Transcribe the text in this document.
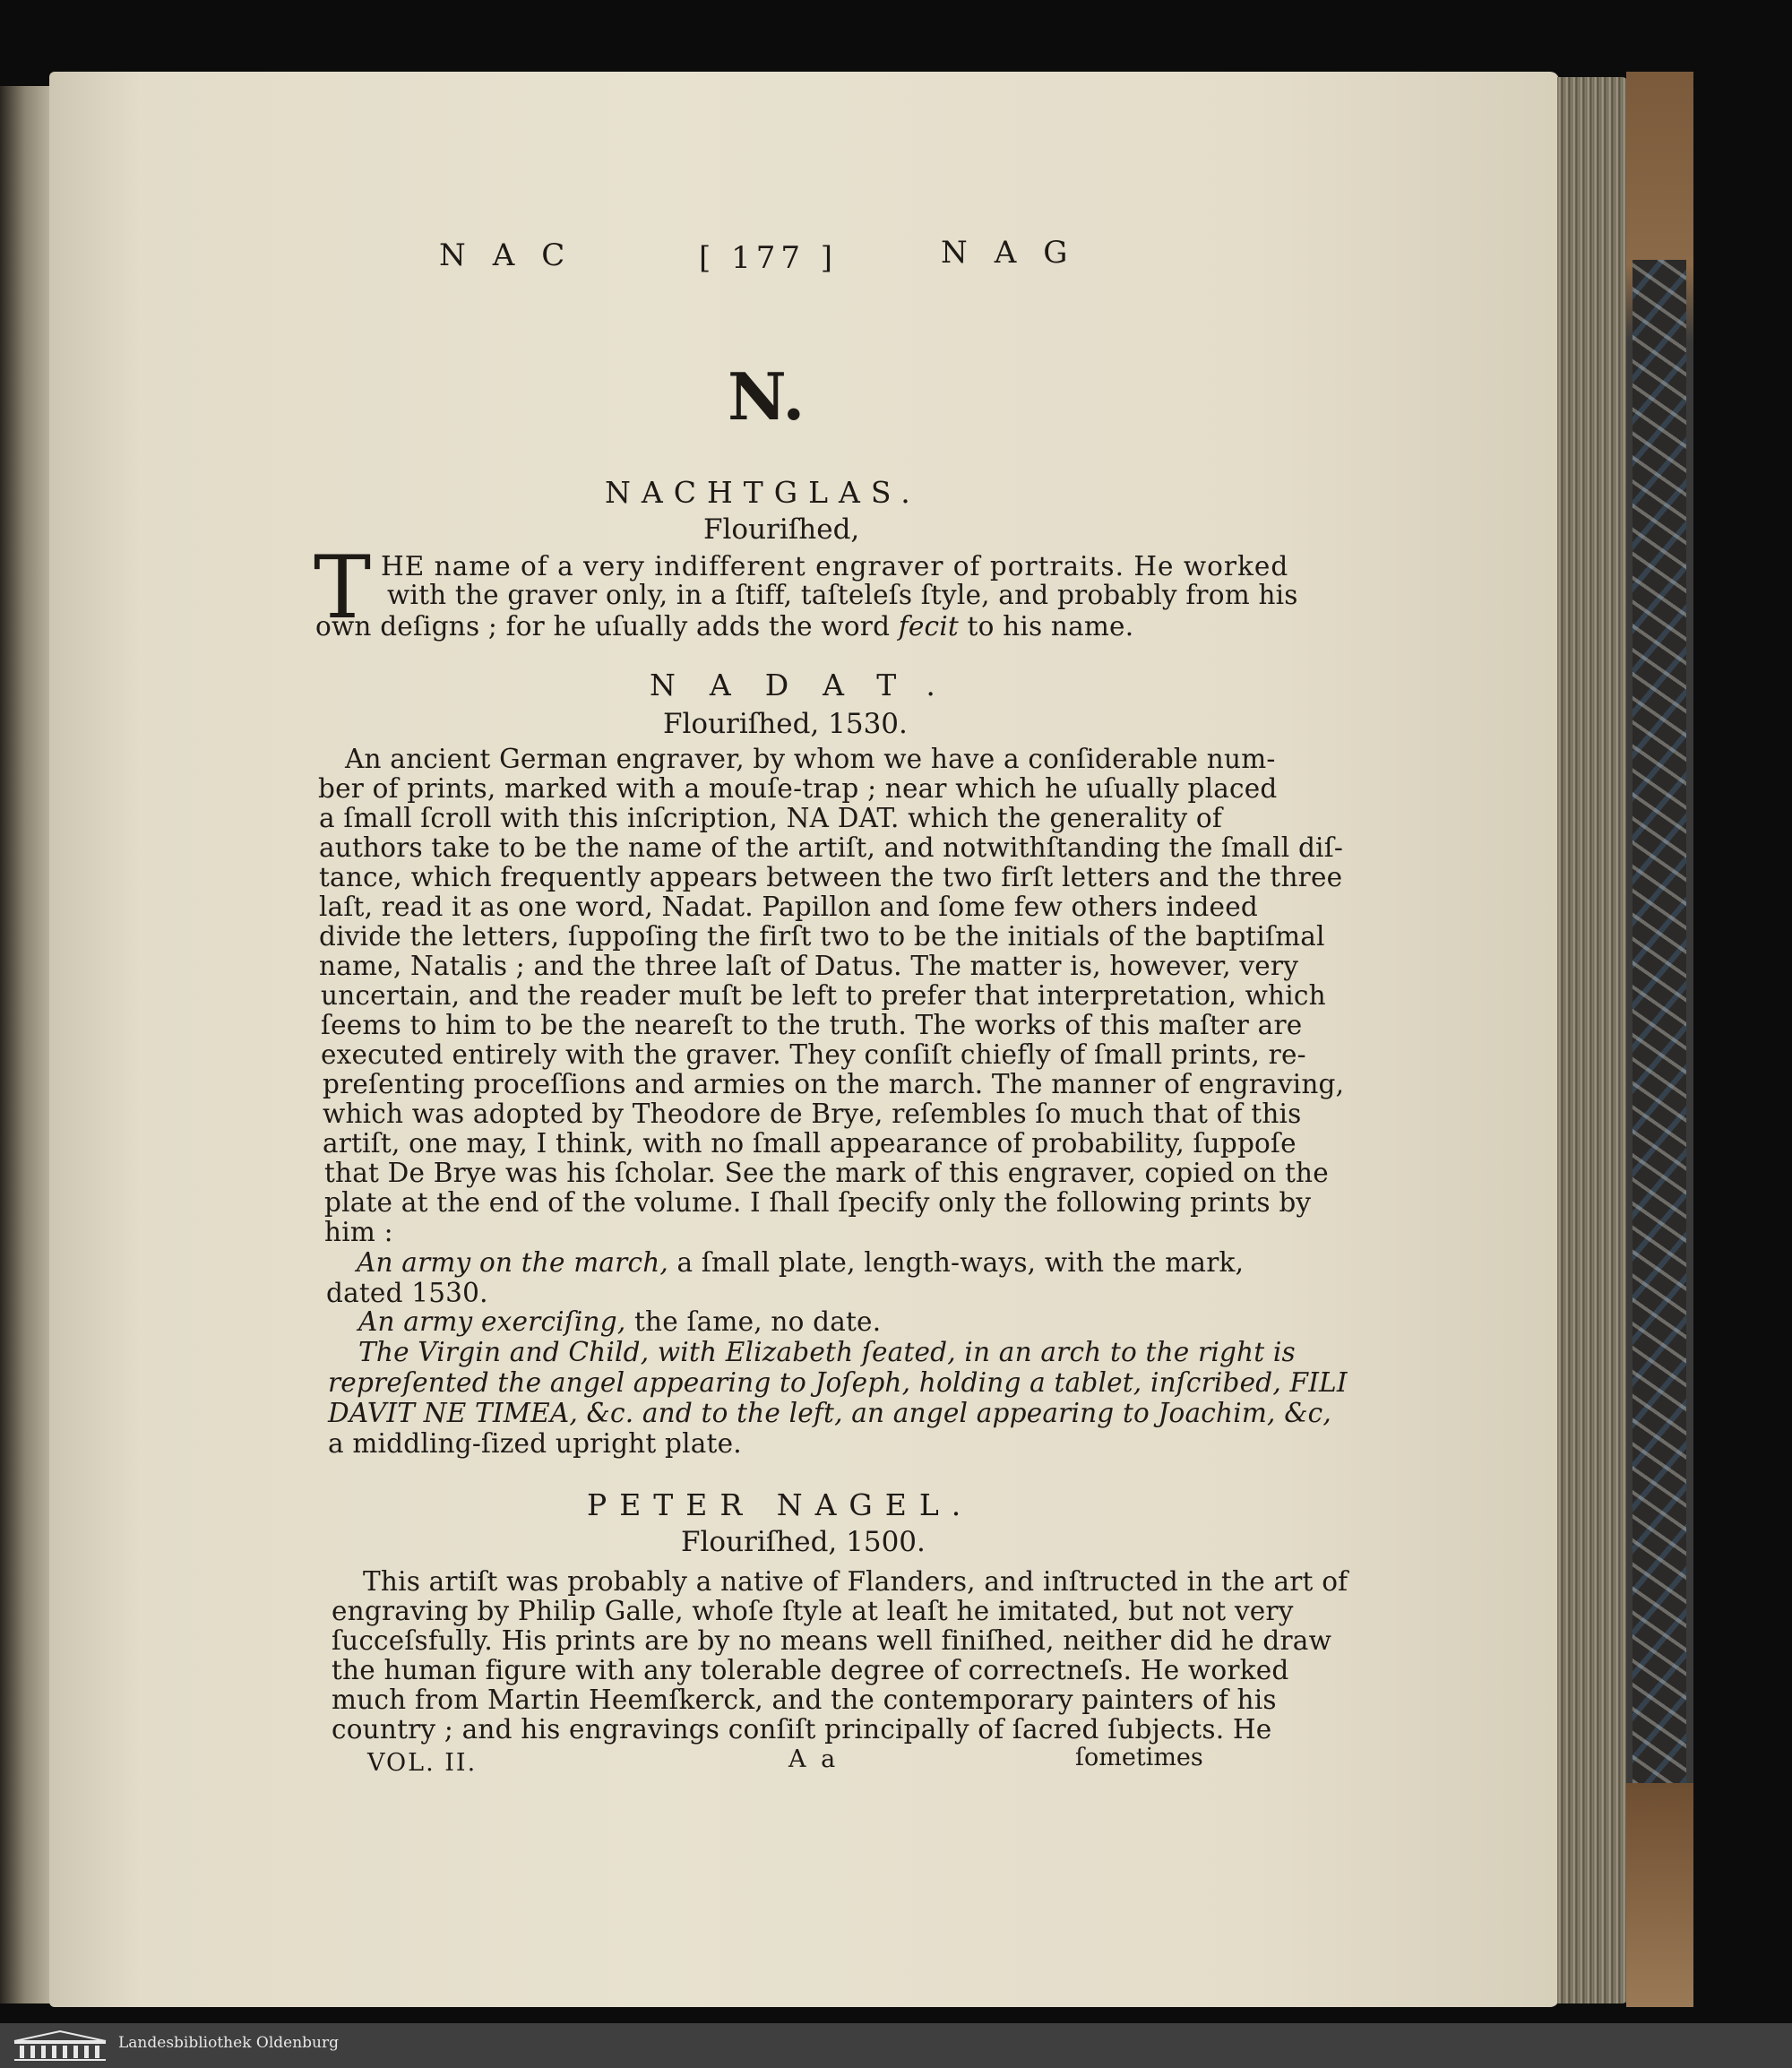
NAC	[ 177 ]	NAG
N.
NACHTGLAS.
Flouriſhed,
T HE name of a very indifferent engraver of portraits. He worked
with the graver only, in a ſtiff, taſteleſs ſtyle, and probably from his
own deſigns ; for he uſually adds the word fecit to his name.
NADAT.
Flouriſhed, 1530.
An ancient German engraver, by whom we have a conſiderable num-
ber of prints, marked with a mouſe-trap ; near which he uſually placed
a ſmall ſcroll with this inſcription, NA DAT. which the generality of
authors take to be the name of the artiſt, and notwithſtanding the ſmall diſ-
tance, which frequently appears between the two firſt letters and the three
laſt, read it as one word, Nadat. Papillon and ſome few others indeed
divide the letters, ſuppoſing the firſt two to be the initials of the baptiſmal
name, Natalis ; and the three laſt of Datus. The matter is, however, very
uncertain, and the reader muſt be left to prefer that interpretation, which
ſeems to him to be the neareſt to the truth. The works of this maſter are
executed entirely with the graver. They conſiſt chiefly of ſmall prints, re-
preſenting proceſſions and armies on the march. The manner of engraving,
which was adopted by Theodore de Brye, reſembles ſo much that of this
artiſt, one may, I think, with no ſmall appearance of probability, ſuppoſe
that De Brye was his ſcholar. See the mark of this engraver, copied on the
plate at the end of the volume. I ſhall ſpecify only the following prints by
him :
An army on the march, a ſmall plate, length-ways, with the mark,
dated 1530.
An army exerciſing, the ſame, no date.
The Virgin and Child, with Elizabeth ſeated, in an arch to the right is
repreſented the angel appearing to Joſeph, holding a tablet, inſcribed, FILI
DAVIT NE TIMEA, &c. and to the left, an angel appearing to Joachim, &c,
a middling-ſized upright plate.
PETER NAGEL.
Flouriſhed, 1500.
This artiſt was probably a native of Flanders, and inſtructed in the art of
engraving by Philip Galle, whoſe ſtyle at leaſt he imitated, but not very
ſucceſsfully. His prints are by no means well finiſhed, neither did he draw
the human figure with any tolerable degree of correctneſs. He worked
much from Martin Heemſkerck, and the contemporary painters of his
country ; and his engravings conſiſt principally of ſacred ſubjects. He
VOL. II.	A a	ſometimes
Landesbibliothek Oldenburg
